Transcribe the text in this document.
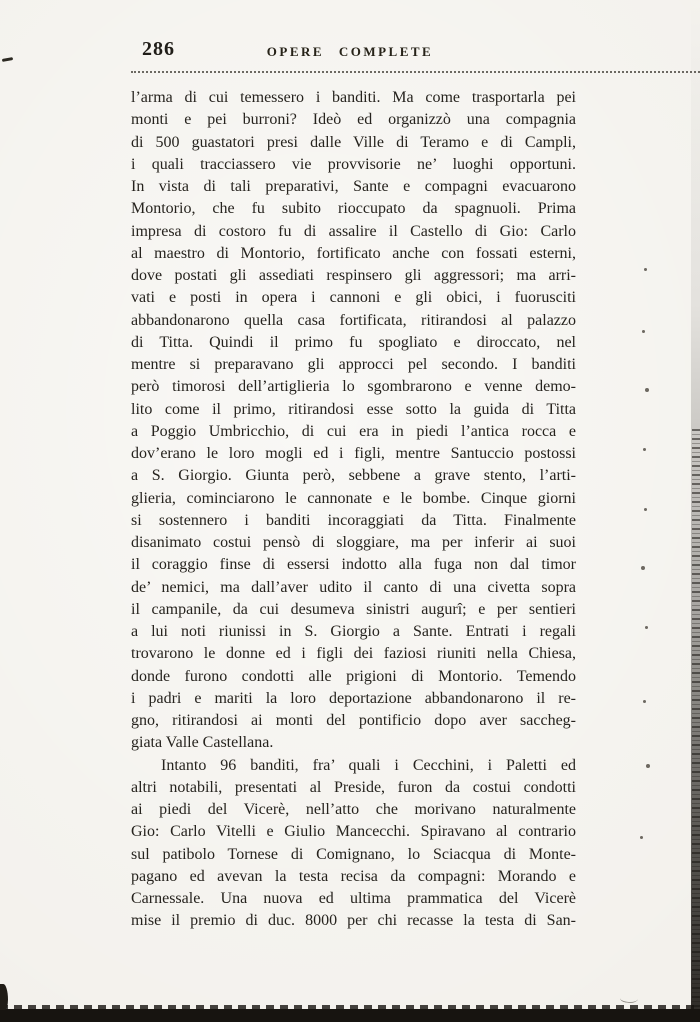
286	OPERE COMPLETE
l’arma di cui temessero i banditi. Ma come trasportarla pei
monti e pei burroni? Ideò ed organizzò una compagnia
di 500 guastatori presi dalle Ville di Teramo e di Campli,
i quali tracciassero vie provvisorie ne’ luoghi opportuni.
In vista di tali preparativi, Sante e compagni evacuarono
Montorio, che fu subito rioccupato da spagnuoli. Prima
impresa di costoro fu di assalire il Castello di Gio: Carlo
al maestro di Montorio, fortificato anche con fossati esterni,
dove postati gli assediati respinsero gli aggressori; ma arri-
vati e posti in opera i cannoni e gli obici, i fuorusciti
abbandonarono quella casa fortificata, ritirandosi al palazzo
di Titta. Quindi il primo fu spogliato e diroccato, nel
mentre si preparavano gli approcci pel secondo. I banditi
però timorosi dell’artiglieria lo sgombrarono e venne demo-
lito come il primo, ritirandosi esse sotto la guida di Titta
a Poggio Umbricchio, di cui era in piedi l’antica rocca e
dov’erano le loro mogli ed i figli, mentre Santuccio postossi
a S. Giorgio. Giunta però, sebbene a grave stento, l’arti-
glieria, cominciarono le cannonate e le bombe. Cinque giorni
si sostennero i banditi incoraggiati da Titta. Finalmente
disanimato costui pensò di sloggiare, ma per inferir ai suoi
il coraggio finse di essersi indotto alla fuga non dal timor
de’ nemici, ma dall’aver udito il canto di una civetta sopra
il campanile, da cui desumeva sinistri augurî; e per sentieri
a lui noti riunissi in S. Giorgio a Sante. Entrati i regali
trovarono le donne ed i figli dei faziosi riuniti nella Chiesa,
donde furono condotti alle prigioni di Montorio. Temendo
i padri e mariti la loro deportazione abbandonarono il re-
gno, ritirandosi ai monti del pontificio dopo aver saccheg-
giata Valle Castellana.
Intanto 96 banditi, fra’ quali i Cecchini, i Paletti ed
altri notabili, presentati al Preside, furon da costui condotti
ai piedi del Vicerè, nell’atto che morivano naturalmente
Gio: Carlo Vitelli e Giulio Mancecchi. Spiravano al contrario
sul patibolo Tornese di Comignano, lo Sciacqua di Monte-
pagano ed avevan la testa recisa da compagni: Morando e
Carnessale. Una nuova ed ultima prammatica del Vicerè
mise il premio di duc. 8000 per chi recasse la testa di San-
